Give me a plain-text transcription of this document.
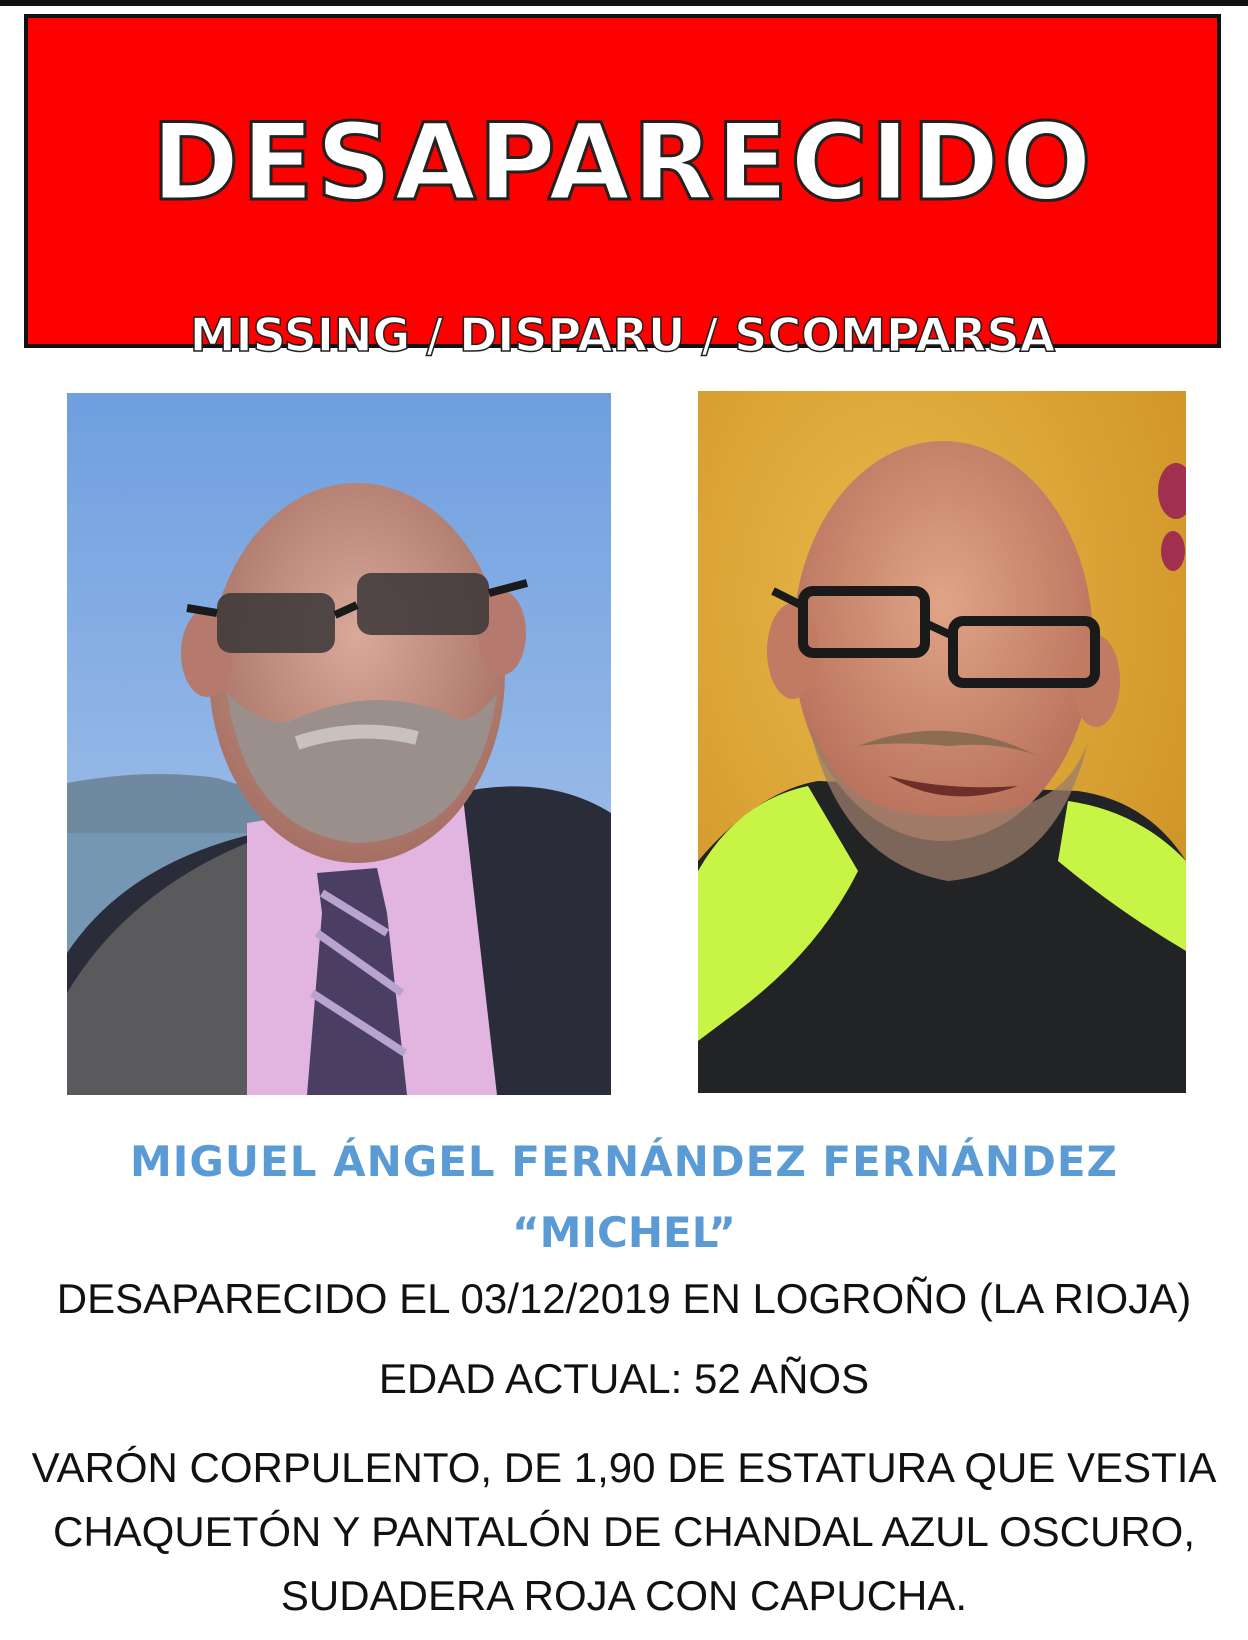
DESAPARECIDO
MISSING / DISPARU / SCOMPARSA
MIGUEL ÁNGEL FERNÁNDEZ FERNÁNDEZ
“MICHEL”
DESAPARECIDO EL 03/12/2019 EN LOGROÑO (LA RIOJA)
EDAD ACTUAL: 52 AÑOS
VARÓN CORPULENTO, DE 1,90 DE ESTATURA QUE VESTIA
CHAQUETÓN Y PANTALÓN DE CHANDAL AZUL OSCURO,
SUDADERA ROJA CON CAPUCHA.
